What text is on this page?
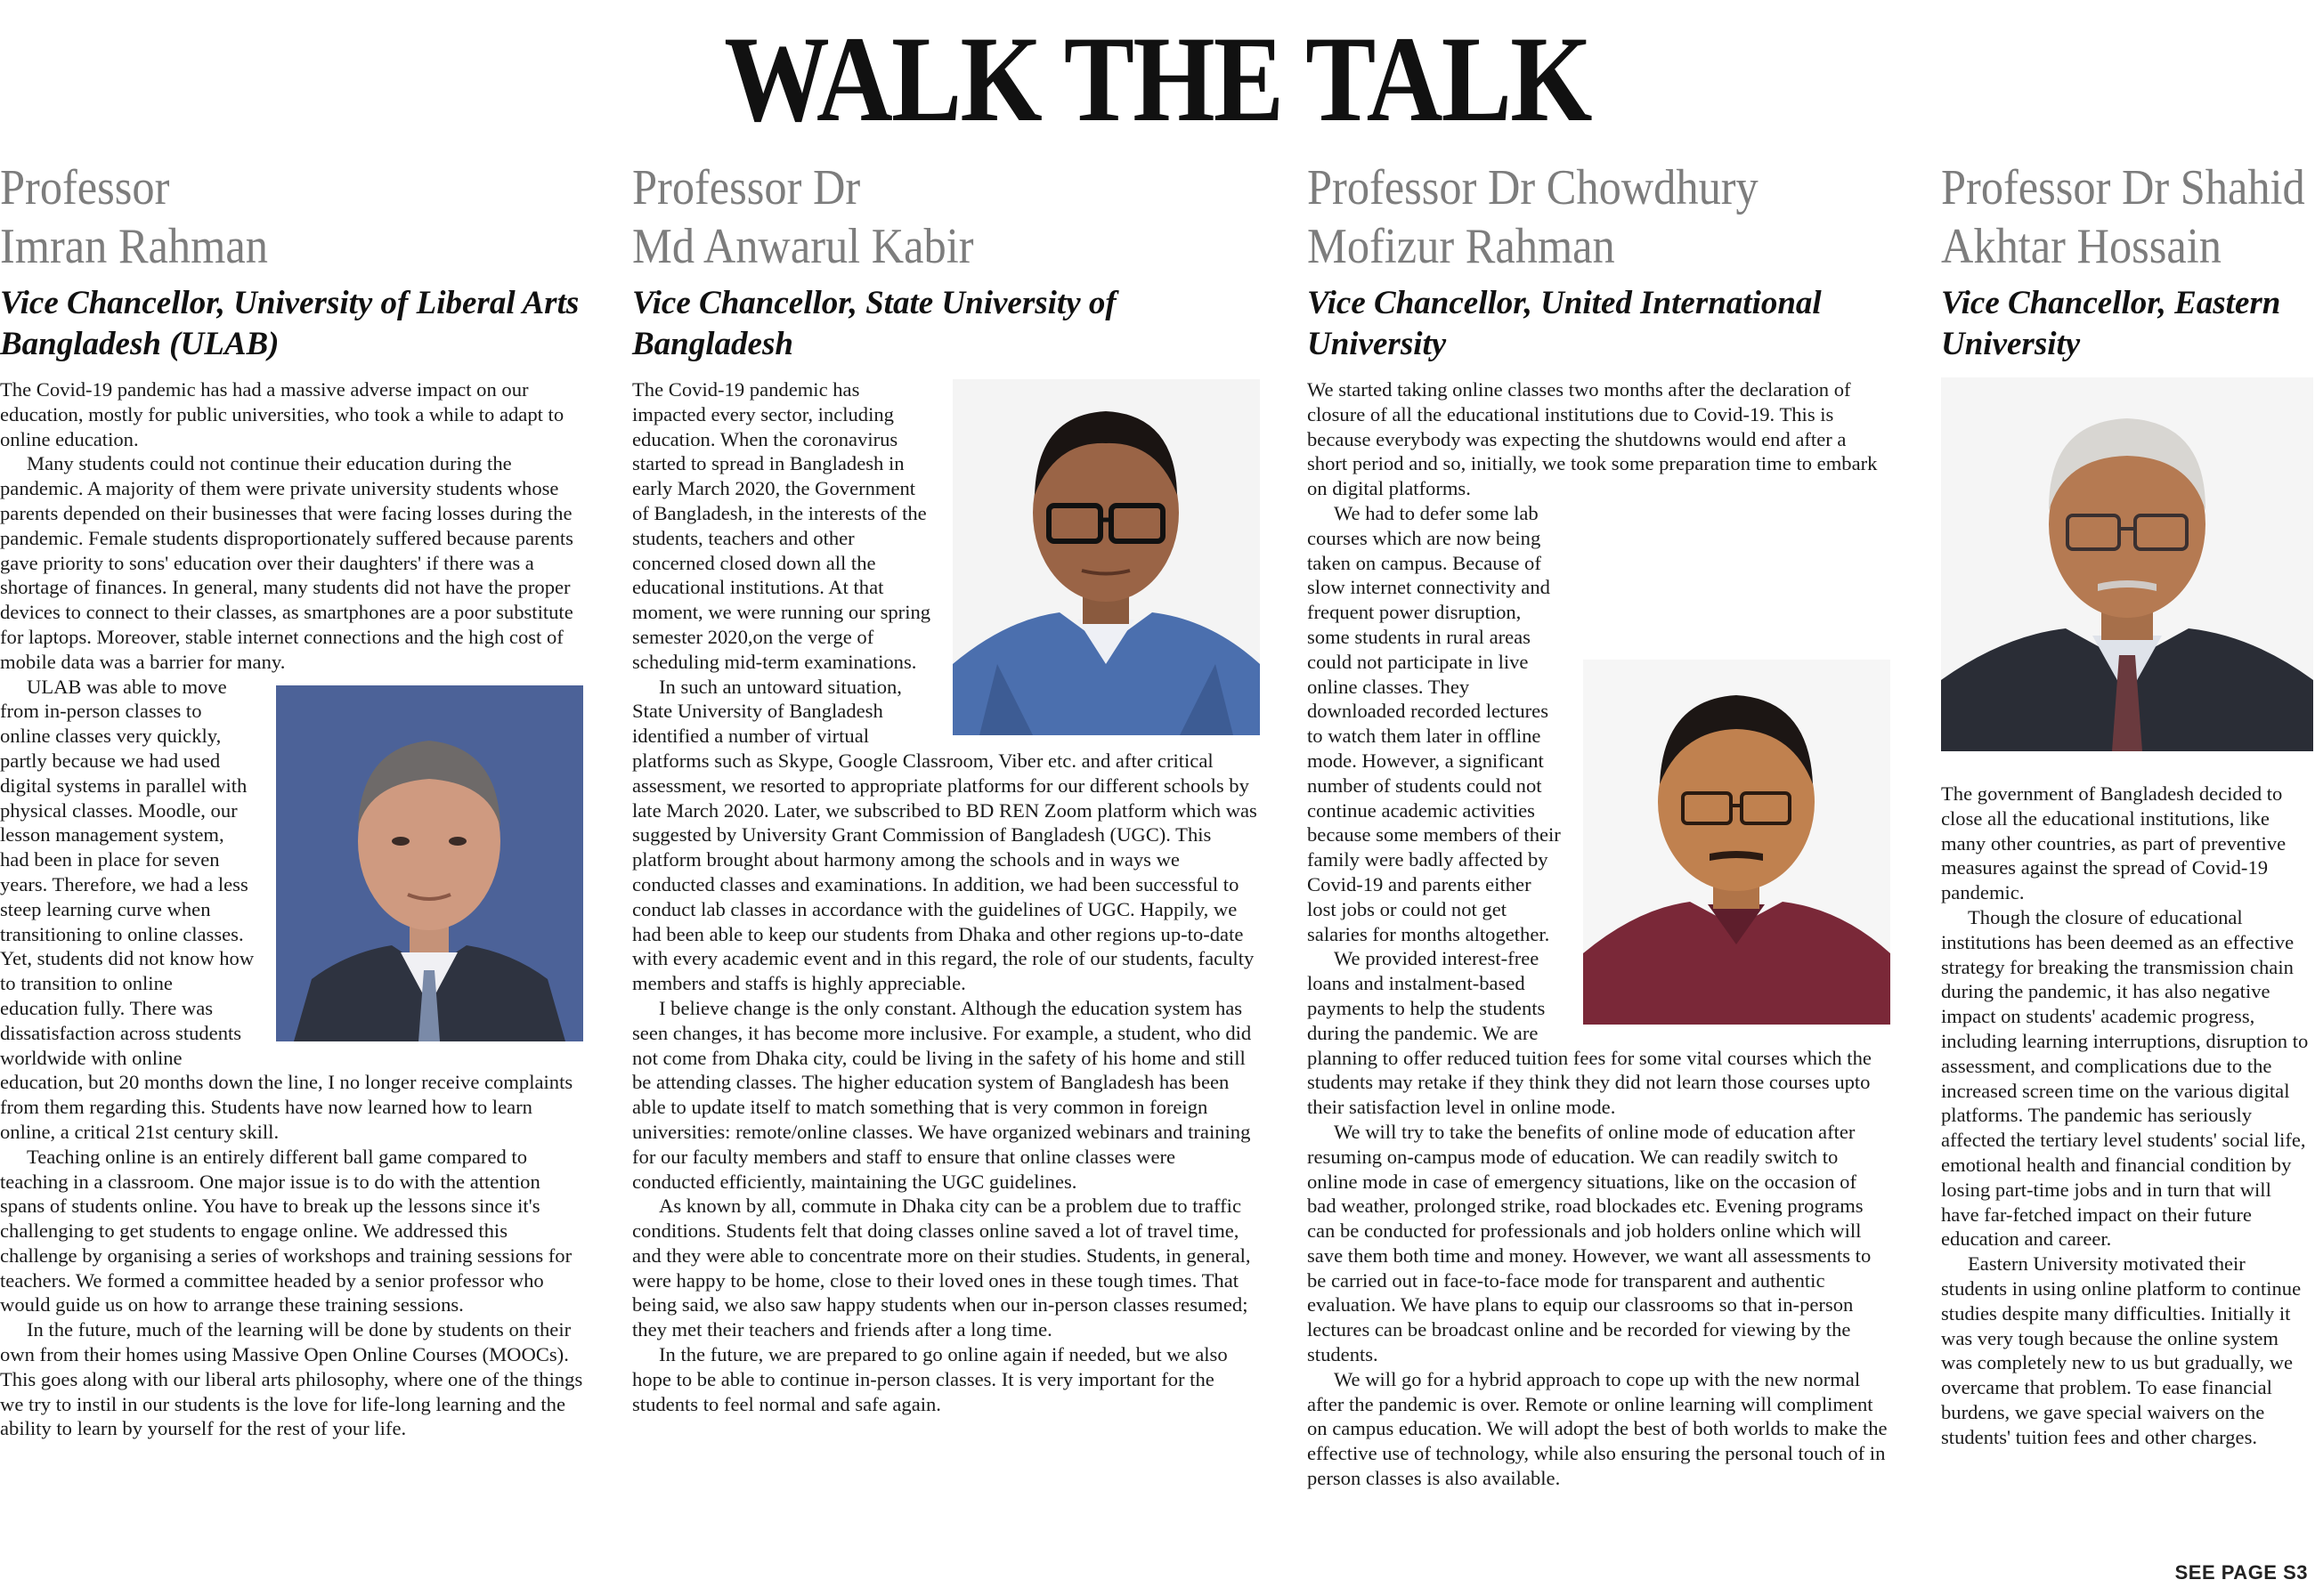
WALK THE TALK
Professor
Imran Rahman
Vice Chancellor, University of Liberal Arts Bangladesh (ULAB)

The Covid-19 pandemic has had a massive adverse impact on our education, mostly for public universities, who took a while to adapt to online education.

Many students could not continue their education during the pandemic. A majority of them were private university students whose parents depended on their businesses that were facing losses during the pandemic. Female students disproportionately suffered because parents gave priority to sons' education over their daughters' if there was a shortage of finances. In general, many students did not have the proper devices to connect to their classes, as smartphones are a poor substitute for laptops. Moreover, stable internet connections and the high cost of mobile data was a barrier for many.

ULAB was able to move from in-person classes to online classes very quickly, partly because we had used digital systems in parallel with physical classes. Moodle, our lesson management system, had been in place for seven years. Therefore, we had a less steep learning curve when transitioning to online classes. Yet, students did not know how to transition to online education fully. There was dissatisfaction across students worldwide with online education, but 20 months down the line, I no longer receive complaints from them regarding this. Students have now learned how to learn online, a critical 21st century skill.

Teaching online is an entirely different ball game compared to teaching in a classroom. One major issue is to do with the attention spans of students online. You have to break up the lessons since it's challenging to get students to engage online. We addressed this challenge by organising a series of workshops and training sessions for teachers. We formed a committee headed by a senior professor who would guide us on how to arrange these training sessions.

In the future, much of the learning will be done by students on their own from their homes using Massive Open Online Courses (MOOCs). This goes along with our liberal arts philosophy, where one of the things we try to instil in our students is the love for life-long learning and the ability to learn by yourself for the rest of your life.

Professor Dr
Md Anwarul Kabir
Vice Chancellor, State University of Bangladesh

The Covid-19 pandemic has impacted every sector, including education. When the coronavirus started to spread in Bangladesh in early March 2020, the Government of Bangladesh, in the interests of the students, teachers and other concerned closed down all the educational institutions. At that moment, we were running our spring semester 2020,on the verge of scheduling mid-term examinations.

In such an untoward situation, State University of Bangladesh identified a number of virtual platforms such as Skype, Google Classroom, Viber etc. and after critical assessment, we resorted to appropriate platforms for our different schools by late March 2020. Later, we subscribed to BD REN Zoom platform which was suggested by University Grant Commission of Bangladesh (UGC). This platform brought about harmony among the schools and in ways we conducted classes and examinations. In addition, we had been successful to conduct lab classes in accordance with the guidelines of UGC. Happily, we had been able to keep our students from Dhaka and other regions up-to-date with every academic event and in this regard, the role of our students, faculty members and staffs is highly appreciable.

I believe change is the only constant. Although the education system has seen changes, it has become more inclusive. For example, a student, who did not come from Dhaka city, could be living in the safety of his home and still be attending classes. The higher education system of Bangladesh has been able to update itself to match something that is very common in foreign universities: remote/online classes. We have organized webinars and training for our faculty members and staff to ensure that online classes were conducted efficiently, maintaining the UGC guidelines.

As known by all, commute in Dhaka city can be a problem due to traffic conditions. Students felt that doing classes online saved a lot of travel time, and they were able to concentrate more on their studies. Students, in general, were happy to be home, close to their loved ones in these tough times. That being said, we also saw happy students when our in-person classes resumed; they met their teachers and friends after a long time.

In the future, we are prepared to go online again if needed, but we also hope to be able to continue in-person classes. It is very important for the students to feel normal and safe again.

Professor Dr Chowdhury
Mofizur Rahman
Vice Chancellor, United International University

We started taking online classes two months after the declaration of closure of all the educational institutions due to Covid-19. This is because everybody was expecting the shutdowns would end after a short period and so, initially, we took some preparation time to embark on digital platforms.

We had to defer some lab courses which are now being taken on campus. Because of slow internet connectivity and frequent power disruption, some students in rural areas could not participate in live online classes. They downloaded recorded lectures to watch them later in offline mode. However, a significant number of students could not continue academic activities because some members of their family were badly affected by Covid-19 and parents either lost jobs or could not get salaries for months altogether.

We provided interest-free loans and instalment-based payments to help the students during the pandemic. We are planning to offer reduced tuition fees for some vital courses which the students may retake if they think they did not learn those courses upto their satisfaction level in online mode.

We will try to take the benefits of online mode of education after resuming on-campus mode of education. We can readily switch to online mode in case of emergency situations, like on the occasion of bad weather, prolonged strike, road blockades etc. Evening programs can be conducted for professionals and job holders online which will save them both time and money. However, we want all assessments to be carried out in face-to-face mode for transparent and authentic evaluation. We have plans to equip our classrooms so that in-person lectures can be broadcast online and be recorded for viewing by the students.

We will go for a hybrid approach to cope up with the new normal after the pandemic is over. Remote or online learning will compliment on campus education. We will adopt the best of both worlds to make the effective use of technology, while also ensuring the personal touch of in person classes is also available.

Professor Dr Shahid
Akhtar Hossain
Vice Chancellor, Eastern University

The government of Bangladesh decided to close all the educational institutions, like many other countries, as part of preventive measures against the spread of Covid-19 pandemic.

Though the closure of educational institutions has been deemed as an effective strategy for breaking the transmission chain during the pandemic, it has also negative impact on students' academic progress, including learning interruptions, disruption to assessment, and complications due to the increased screen time on the various digital platforms. The pandemic has seriously affected the tertiary level students' social life, emotional health and financial condition by losing part-time jobs and in turn that will have far-fetched impact on their future education and career.

Eastern University motivated their students in using online platform to continue studies despite many difficulties. Initially it was very tough because the online system was completely new to us but gradually, we overcame that problem. To ease financial burdens, we gave special waivers on the students' tuition fees and other charges.

SEE PAGE S3
